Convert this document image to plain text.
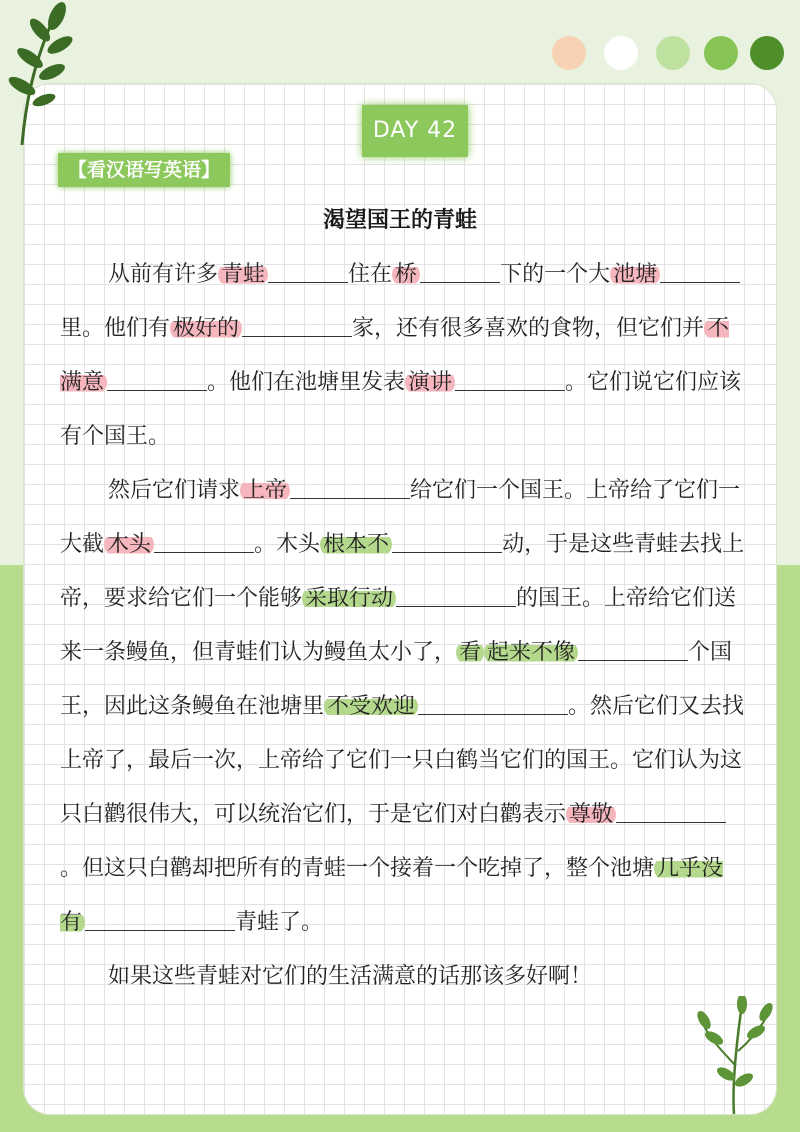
DAY 42
【看汉语写英语】
渴望国王的青蛙

从前有许多 青蛙	住在 桥	下的一个大 池塘里。他们有 极好的	家，还有很多喜欢的食物，但它们并 不满意	。他们在池塘里发表 演讲	。它们说它们应该有个国王。

然后它们请求 上帝	给它们一个国王。上帝给了它们一大截 木头	。木头 根本不	动，于是这些青蛙去找上帝，要求给它们一个能够 采取行动	的国王。上帝给它们送来一条鳗鱼，但青蛙们认为鳗鱼太小了， 看 起来不像	个国王，因此这条鳗鱼在池塘里 不受欢迎	。然后它们又去找上帝了，最后一次，上帝给了它们一只白鹤当它们的国王。它们认为这只白鹳很伟大，可以统治它们，于是它们对白鹳表示 尊敬。但这只白鹳却把所有的青蛙一个接着一个吃掉了，整个池塘 几乎没有	青蛙了。

如果这些青蛙对它们的生活满意的话那该多好啊！
